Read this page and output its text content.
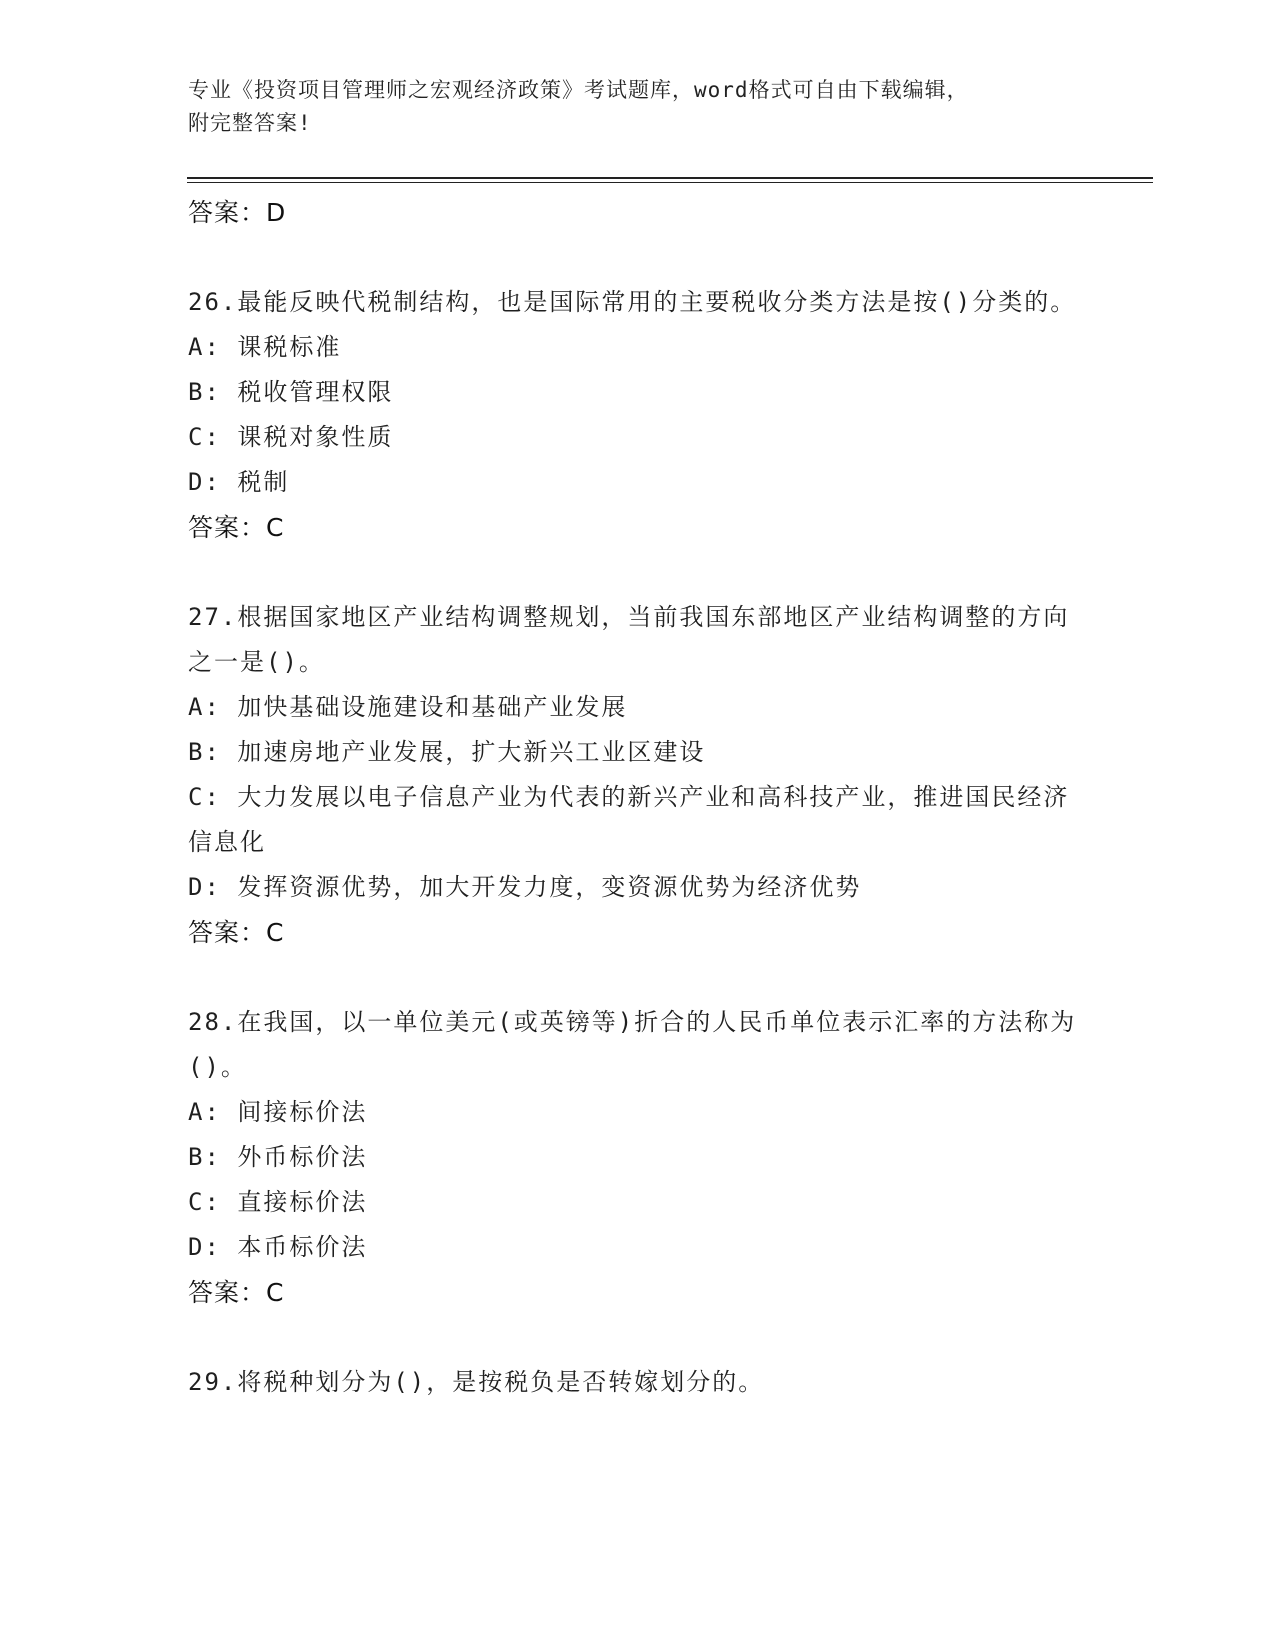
专业《投资项目管理师之宏观经济政策》考试题库，word格式可自由下载编辑，
附完整答案!
答案：D

26.最能反映代税制结构，也是国际常用的主要税收分类方法是按()分类的。

A: 课税标准

B: 税收管理权限

C: 课税对象性质

D: 税制

答案：C

27.根据国家地区产业结构调整规划，当前我国东部地区产业结构调整的方向之一是()。

A: 加快基础设施建设和基础产业发展

B: 加速房地产业发展，扩大新兴工业区建设

C: 大力发展以电子信息产业为代表的新兴产业和高科技产业，推进国民经济信息化

D: 发挥资源优势，加大开发力度，变资源优势为经济优势

答案：C

28.在我国，以一单位美元(或英镑等)折合的人民币单位表示汇率的方法称为()。

A: 间接标价法

B: 外币标价法

C: 直接标价法

D: 本币标价法

答案：C

29.将税种划分为()，是按税负是否转嫁划分的。
